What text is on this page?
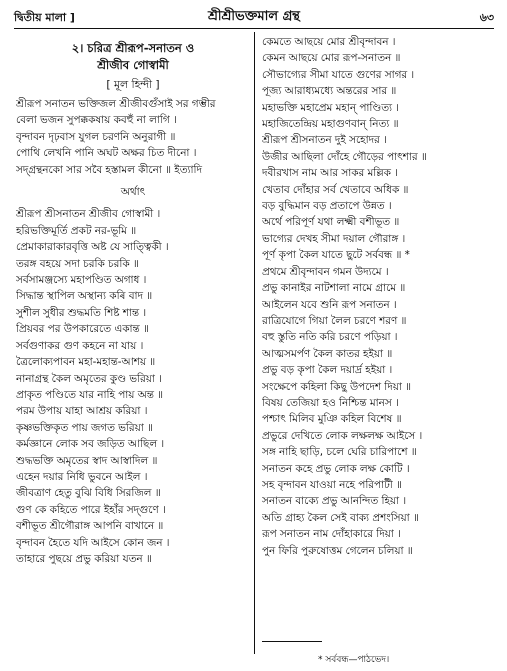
দ্বিতীয় মালা ]	শ্রীশ্রীভক্তমাল গ্রন্থ	৬৩
২। চরিত্র শ্রীরূপ-সনাতন ও
শ্রীজীব গোস্বামী
[ মূল হিন্দী ]
শ্রীরূপ সনাতন ভক্তিজল শ্রীজীবগুঁসাই সর গম্ভীর
বেলা ভজন সুপক্ককষায় কবহুঁ না লাগি ।
বৃন্দাবন দৃঢ়বাস যুগল চরণনি অনুরাগী ॥
পোথি লেখনি পানি অঘট অক্ষর চিত দীনো ।
সদ্গ্রন্থনকো সার সবৈ হস্তামল কীনো ॥ ইত্যাদি
অর্থাৎ
শ্রীরূপ শ্রীসনাতন শ্রীজীব গোস্বামী ।
হরিভক্তিমূর্তি প্রকট নর-ভূমি ॥
প্রেমাকারাকারবৃত্তি অষ্ট যে সাত্ত্বিকী ।
তরঙ্গ বহয়ে সদা চরকি চরকি ॥
সর্বসামঞ্জস্যে মহাপণ্ডিত অগাধ ।
সিদ্ধান্ত স্থাপিল অস্থান্য কৰি বাদ ॥
সুশীল সুধীর শুদ্ধমতি শিষ্ট শান্ত ।
প্রিয়বর পর উপকারেতে একান্ত ॥
সর্বগুণাকর গুণ কহনে না যায় ।
ত্রৈলোক্যপাবন মহা-মহান্ত-আশয় ॥
নানাগ্রন্থ কৈল অমৃতের কুণ্ড ভরিয়া ।
প্রাকৃত পণ্ডিতে যার নাহি পায় অন্ত ॥
পরম উপায় যাহা আশ্রয় করিয়া ।
কৃষ্ণভক্তিকৃত পায় জগত ভরিয়া ॥
কর্মজ্ঞানে লোক সব জড়িত আছিল ।
শুদ্ধভক্তি অমৃতের স্বাদ আস্বাদিল ॥
এহেন দয়ার নিধি ভুবনে আইল ।
জীবত্রাণ হেতু বুঝি বিধি সিরজিল ॥
গুণ কে কহিতে পারে ইহাঁর সদ্গুণে ।
বশীভূত শ্রীগৌরাঙ্গ আপনি বাখানে ॥
বৃন্দাবন হৈতে যদি আইসে কোন জন ।
তাহারে পুছয়ে প্রভু করিয়া যতন ॥
কেমতে আছয়ে মোর শ্রীবৃন্দাবন ।
কেমন আছয়ে মোর রূপ-সনাতন ॥
সৌভাগ্যের সীমা যাতে গুণের সাগর ।
পূজ্য আরাধ্যমধ্যে অন্তরের সার ॥
মহাভক্তি মহাপ্রেম মহান্ পাণ্ডিত্য ।
মহাজিতেন্দ্রিয় মহাগুণবান্ নিত্য ॥
শ্রীরূপ শ্রীসনাতন দুই সহোদর ।
উজীর আছিলা দোঁহে গৌড়ের পাৎশার ॥
দবীরখাস নাম আর সাকর মল্লিক ।
খেতাব দোঁহার সর্ব খেতাবে অধিক ॥
বড় বুদ্ধিমান বড় প্রতাপে উন্নত ।
অর্থে পরিপূর্ণ যথা লক্ষ্মী বশীভূত ॥
ভাগ্যের দেখহ সীমা দয়াল গৌরাঙ্গ ।
পূর্ণ কৃপা কৈল যাতে ছুটে সর্ববন্ধ ॥ *
প্রথমে শ্রীবৃন্দাবন গমন উদ্যমে ।
প্রভু কানাইর নাটশালা নামে গ্রামে ॥
আইলেন যবে শুনি রূপ সনাতন ।
রাত্রিযোগে গিয়া লৈল চরণে শরণ ॥
বহু স্তুতি নতি করি চরণে পড়িয়া ।
আত্মসমর্পণ কৈল কাতর হইয়া ॥
প্রভু বড় কৃপা কৈল দয়ার্দ্র হইয়া ।
সংক্ষেপে কহিলা কিছু উপদেশ দিয়া ॥
বিষয় তেজিয়া হও নিশ্চিন্ত মানস ।
পশ্চাৎ মিলিব মুঞি কহিল বিশেষ ॥
প্রভুরে দেখিতে লোক লক্ষলক্ষ আইসে ।
সঙ্গ নাহি ছাড়ি, চলে ঘেরি চারিপাশে ॥
সনাতন কহে প্রভু লোক লক্ষ কোটি ।
সহ বৃন্দাবন যাওয়া নহে পরিপাটী ॥
সনাতন বাক্যে প্রভু আনন্দিত হিয়া ।
অতি গ্রাহ্য কৈল সেই বাক্য প্রশংসিয়া ॥
রূপ সনাতন নাম দোঁহাকারে দিয়া ।
পুন ফিরি পুরুষোত্তম গেলেন চলিয়া ॥
* সর্ববন্ধ—পাঠভেদ।
